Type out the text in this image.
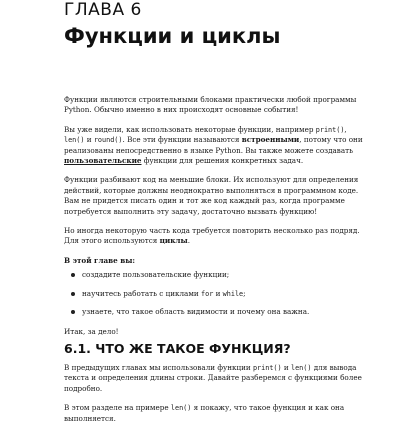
ГЛАВА 6
Функции и циклы

Функции являются строительными блоками практически любой программы Python. Обычно именно в них происходят основные события!

Вы уже видели, как использовать некоторые функции, например print(), len() и round(). Все эти функции называются встроенными, потому что они реализованы непосредственно в языке Python. Вы также можете создавать пользовательские функции для решения конкретных задач.

Функции разбивают код на меньшие блоки. Их используют для определения действий, которые должны неоднократно выполняться в программном коде. Вам не придется писать один и тот же код каждый раз, когда программе потребуется выполнить эту задачу, достаточно вызвать функцию!

Но иногда некоторую часть кода требуется повторить несколько раз подряд. Для этого используются циклы.

В этой главе вы:

создадите пользовательские функции;
научитесь работать с циклами for и while;
узнаете, что такое область видимости и почему она важна.

Итак, за дело!

6.1. ЧТО ЖЕ ТАКОЕ ФУНКЦИЯ?

В предыдущих главах мы использовали функции print() и len() для вывода текста и определения длины строки. Давайте разберемся с функциями более подробно.

В этом разделе на примере len() я покажу, что такое функция и как она выполняется.
